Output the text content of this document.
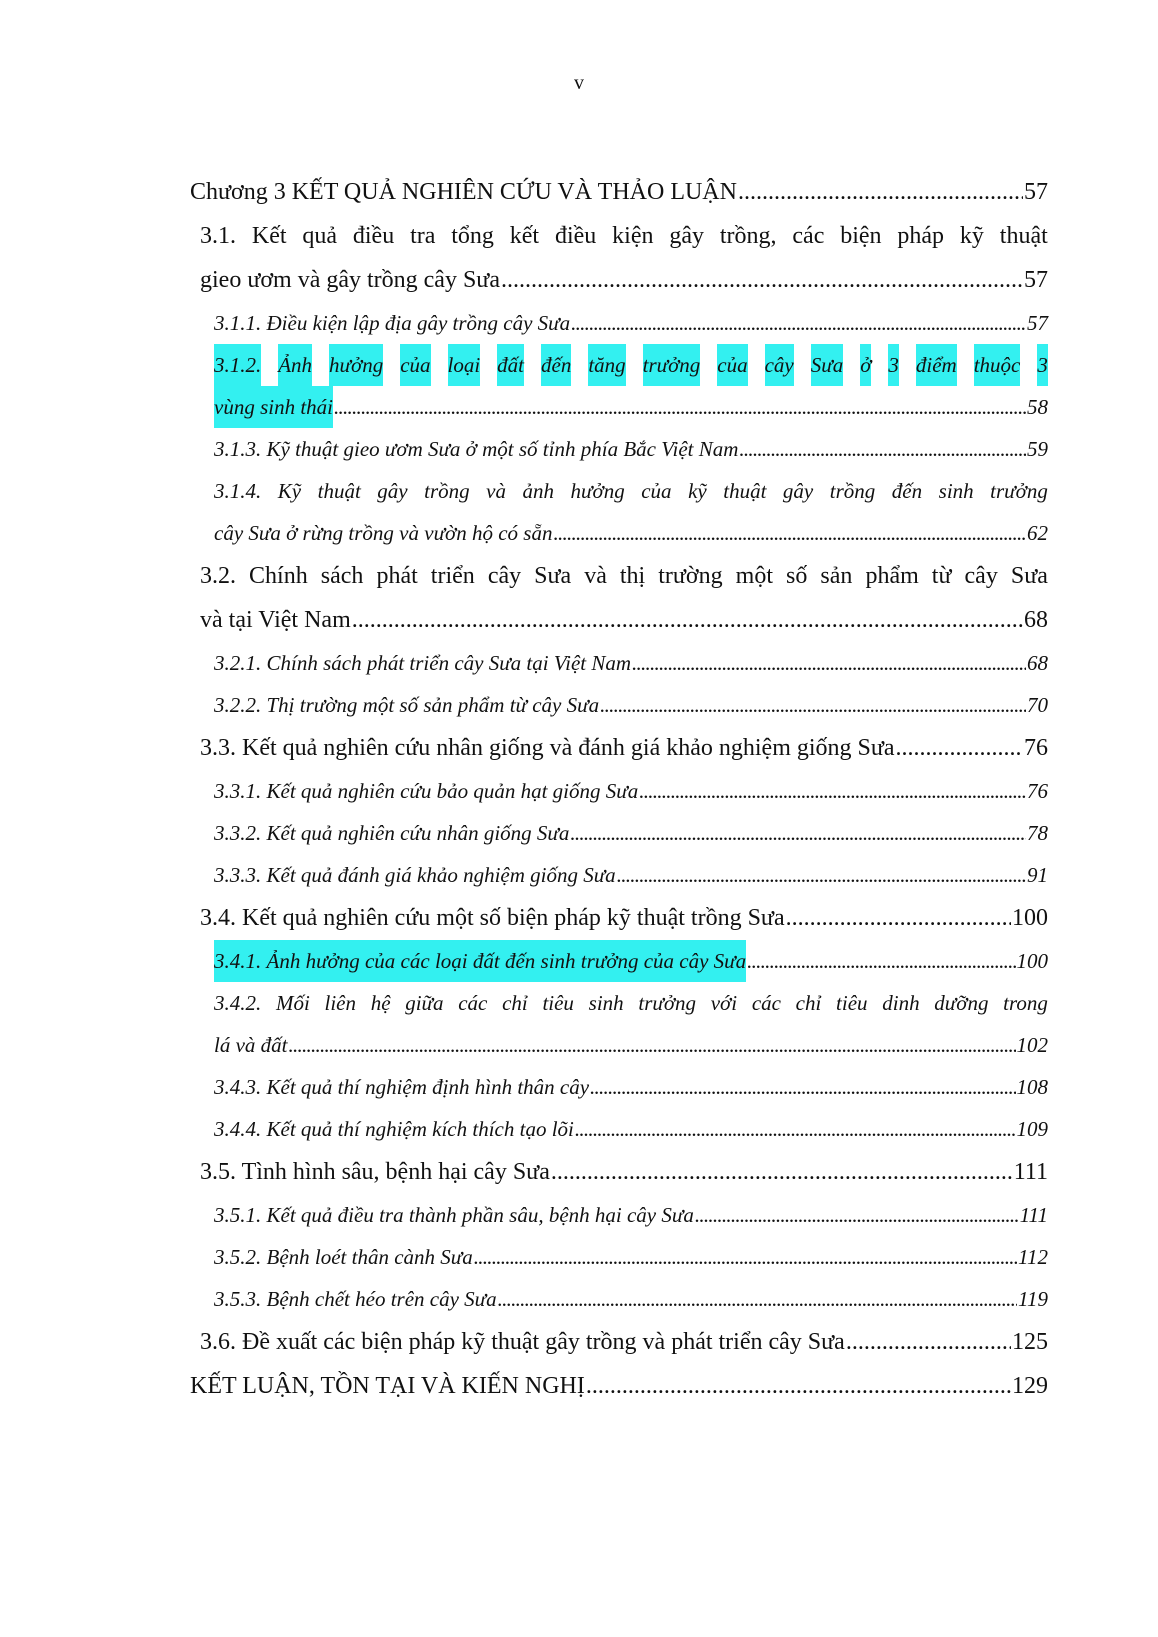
v
Chương 3 KẾT QUẢ NGHIÊN CỨU VÀ THẢO LUẬN . . .	57
3.1. Kết quả điều tra tổng kết điều kiện gây trồng, các biện pháp kỹ thuật
gieo ươm và gây trồng cây Sưa . . .	57
3.1.1. Điều kiện lập địa gây trồng cây Sưa . . .	57
3.1.2. Ảnh hưởng của loại đất đến tăng trưởng của cây Sưa ở 3 điểm thuộc 3
vùng sinh thái . . .	58
3.1.3. Kỹ thuật gieo ươm Sưa ở một số tỉnh phía Bắc Việt Nam . . .	59
3.1.4. Kỹ thuật gây trồng và ảnh hưởng của kỹ thuật gây trồng đến sinh trưởng
cây Sưa ở rừng trồng và vườn hộ có sẵn . . .	62
3.2. Chính sách phát triển cây Sưa và thị trường một số sản phẩm từ cây Sưa
và tại Việt Nam . . .	68
3.2.1. Chính sách phát triển cây Sưa tại Việt Nam . . .	68
3.2.2. Thị trường một số sản phẩm từ cây Sưa . . .	70
3.3. Kết quả nghiên cứu nhân giống và đánh giá khảo nghiệm giống Sưa . . .	76
3.3.1. Kết quả nghiên cứu bảo quản hạt giống Sưa . . .	76
3.3.2. Kết quả nghiên cứu nhân giống Sưa . . .	78
3.3.3. Kết quả đánh giá khảo nghiệm giống Sưa . . .	91
3.4. Kết quả nghiên cứu một số biện pháp kỹ thuật trồng Sưa . . .	100
3.4.1. Ảnh hưởng của các loại đất đến sinh trưởng của cây Sưa . . .	100
3.4.2. Mối liên hệ giữa các chỉ tiêu sinh trưởng với các chỉ tiêu dinh dưỡng trong
lá và đất . . .	102
3.4.3. Kết quả thí nghiệm định hình thân cây . . .	108
3.4.4. Kết quả thí nghiệm kích thích tạo lõi . . .	109
3.5. Tình hình sâu, bệnh hại cây Sưa . . .	111
3.5.1. Kết quả điều tra thành phần sâu, bệnh hại cây Sưa . . .	111
3.5.2. Bệnh loét thân cành Sưa . . .	112
3.5.3. Bệnh chết héo trên cây Sưa . . .	119
3.6. Đề xuất các biện pháp kỹ thuật gây trồng và phát triển cây Sưa . . .	125
KẾT LUẬN, TỒN TẠI VÀ KIẾN NGHỊ . . .	129
